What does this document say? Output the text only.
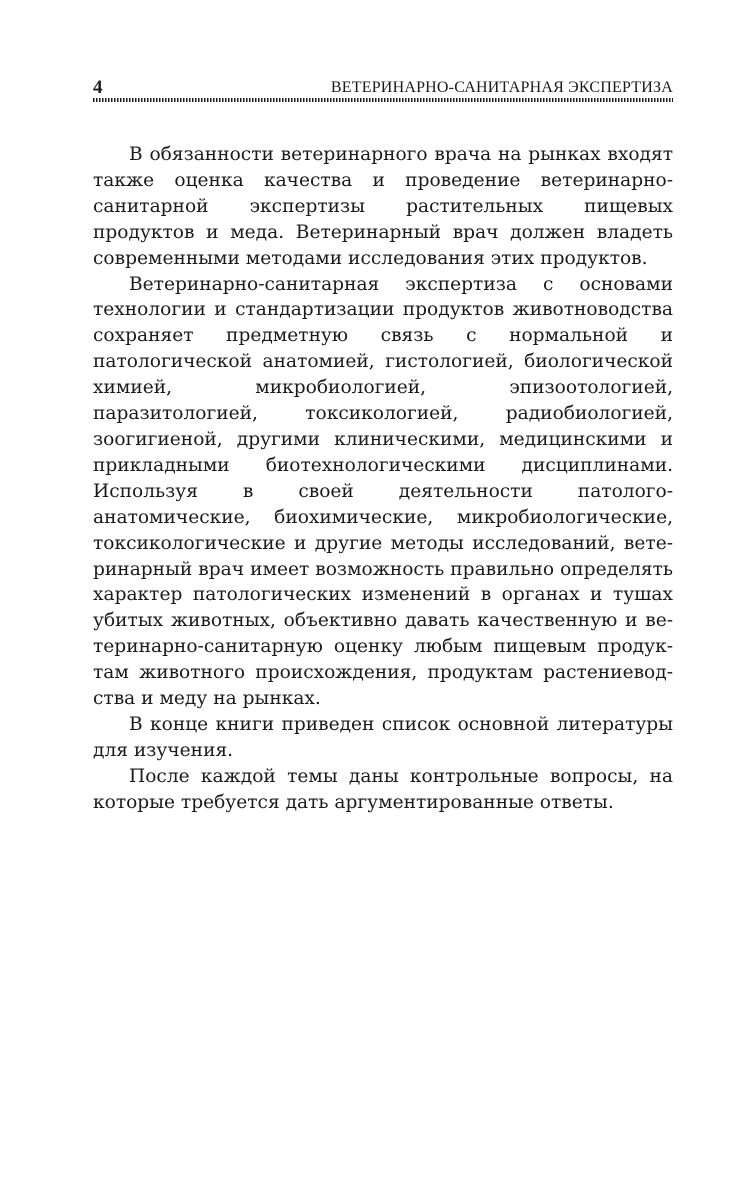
4	ВЕТЕРИНАРНО-САНИТАРНАЯ ЭКСПЕРТИЗА

В обязанности ветеринарного врача на рынках входят также оценка качества и проведение ветеринарно-санитарной экспертизы растительных пищевых продуктов и меда. Ветеринарный врач должен владеть современными методами исследования этих продуктов.

Ветеринарно-санитарная экспертиза с основами технологии и стандартизации продуктов животноводства сохраняет предметную связь с нормальной и патологической анатомией, гистологией, биологической химией, микробиологией, эпизоотологией, паразитологией, токсикологией, радиобиологией, зоогигиеной, другими клиническими, медицинскими и прикладными биотехнологическими дисциплинами. Используя в своей деятельности патолого-анатомические, биохимические, микробиологические, токсикологические и другие методы исследований, ветеринарный врач имеет возможность правильно определять характер патологических изменений в органах и тушах убитых животных, объективно давать качественную и ветеринарно-санитарную оценку любым пищевым продуктам животного происхождения, продуктам растениеводства и меду на рынках.

В конце книги приведен список основной литературы для изучения.

После каждой темы даны контрольные вопросы, на которые требуется дать аргументированные ответы.
